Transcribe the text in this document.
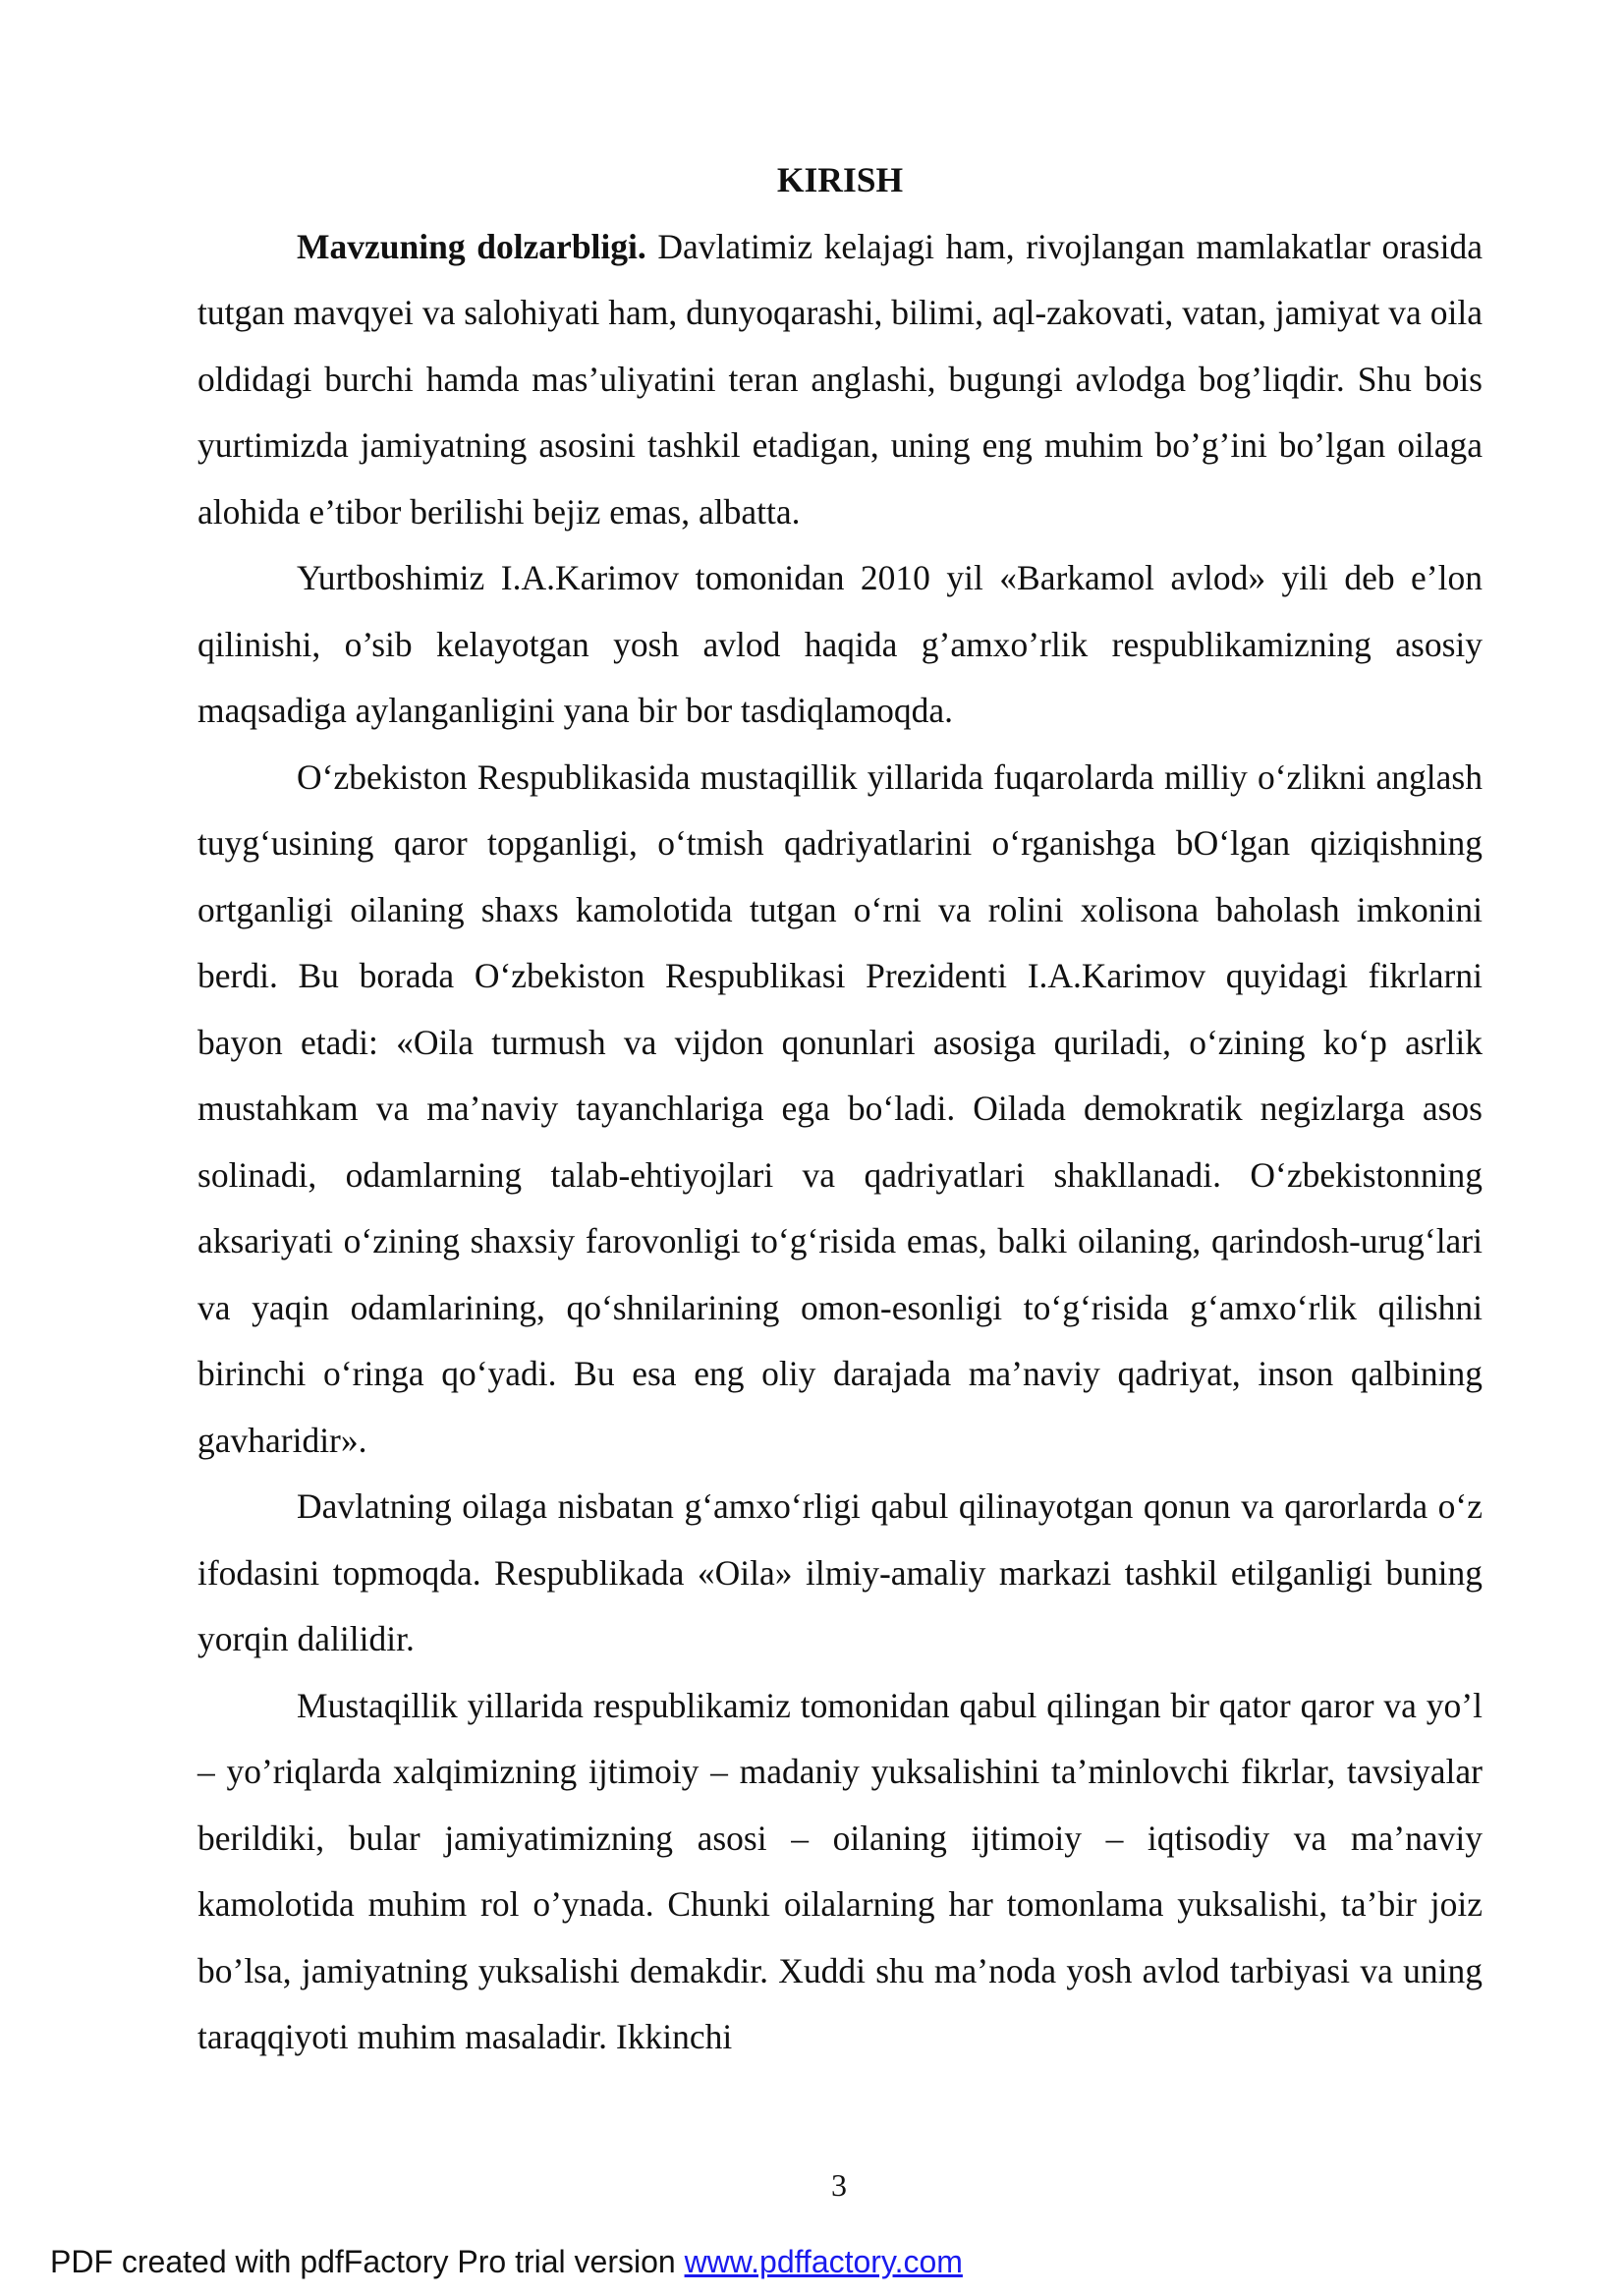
KIRISH

Mavzuning dolzarbligi. Davlatimiz kelajagi ham, rivojlangan mamlakatlar orasida tutgan mavqyei va salohiyati ham, dunyoqarashi, bilimi, aql-zakovati, vatan, jamiyat va oila oldidagi burchi hamda mas’uliyatini teran anglashi, bugungi avlodga bog’liqdir. Shu bois yurtimizda jamiyatning asosini tashkil etadigan, uning eng muhim bo’g’ini bo’lgan oilaga alohida e’tibor berilishi bejiz emas, albatta.

Yurtboshimiz I.A.Karimov tomonidan 2010 yil «Barkamol avlod» yili deb e’lon qilinishi, o’sib kelayotgan yosh avlod haqida g’amxo’rlik respublikamizning asosiy maqsadiga aylanganligini yana bir bor tasdiqlamoqda.

O‘zbekiston Respublikasida mustaqillik yillarida fuqarolarda milliy o‘zlikni anglash tuyg‘usining qaror topganligi, o‘tmish qadriyatlarini o‘rganishga bO‘lgan qiziqishning ortganligi oilaning shaxs kamolotida tutgan o‘rni va rolini xolisona baholash imkonini berdi. Bu borada O‘zbekiston Respublikasi Prezidenti I.A.Karimov quyidagi fikrlarni bayon etadi: «Oila turmush va vijdon qonunlari asosiga quriladi, o‘zining ko‘p asrlik mustahkam va ma’naviy tayanchlariga ega bo‘ladi. Oilada demokratik negizlarga asos solinadi, odamlarning talab-ehtiyojlari va qadriyatlari shakllanadi. O‘zbekistonning aksariyati o‘zining shaxsiy farovonligi to‘g‘risida emas, balki oilaning, qarindosh-urug‘lari va yaqin odamlarining, qo‘shnilarining omon-esonligi to‘g‘risida g‘amxo‘rlik qilishni birinchi o‘ringa qo‘yadi. Bu esa eng oliy darajada ma’naviy qadriyat, inson qalbining gavharidir».

Davlatning oilaga nisbatan g‘amxo‘rligi qabul qilinayotgan qonun va qarorlarda o‘z ifodasini topmoqda. Respublikada «Oila» ilmiy-amaliy markazi tashkil etilganligi buning yorqin dalilidir.

Mustaqillik yillarida respublikamiz tomonidan qabul qilingan bir qator qaror va yo’l – yo’riqlarda xalqimizning ijtimoiy – madaniy yuksalishini ta’minlovchi fikrlar, tavsiyalar berildiki, bular jamiyatimizning asosi – oilaning ijtimoiy – iqtisodiy va ma’naviy kamolotida muhim rol o’ynada. Chunki oilalarning har tomonlama yuksalishi, ta’bir joiz bo’lsa, jamiyatning yuksalishi demakdir. Xuddi shu ma’noda yosh avlod tarbiyasi va uning taraqqiyoti muhim masaladir. Ikkinchi

3
PDF created with pdfFactory Pro trial version www.pdffactory.com
